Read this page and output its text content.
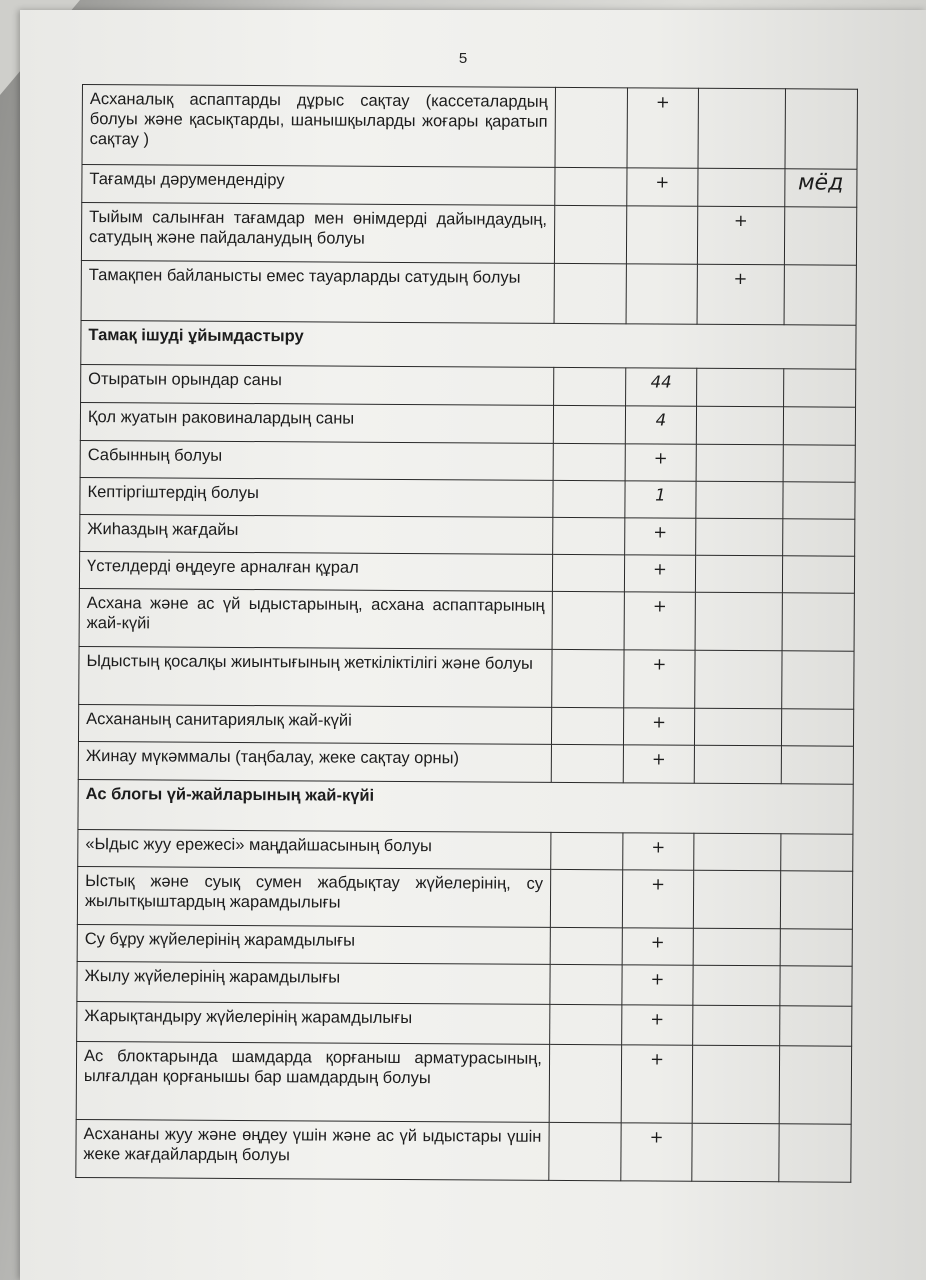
5
Асханалық аспаптарды дұрыс сақтау (кассеталардың болуы және қасықтарды, шанышқыларды жоғары қаратып сақтау )		+		
Тағамды дәрумендендіру		+		мёд
Тыйым салынған тағамдар мен өнімдерді дайындаудың, сатудың және пайдаланудың болуы			+	
Тамақпен байланысты емес тауарларды сатудың болуы			+	
Тамақ ішуді ұйымдастыру				
Отыратын орындар саны		44		
Қол жуатын раковиналардың саны		4		
Сабынның болуы		+		
Кептіргіштердің болуы		1		
Жиһаздың жағдайы		+		
Үстелдерді өңдеуге арналған құрал		+		
Асхана және ас үй ыдыстарының, асхана аспаптарының жай-күйі		+		
Ыдыстың қосалқы жиынтығының жеткіліктілігі және болуы		+		
Асхананың санитариялық жай-күйі		+		
Жинау мүкәммалы (таңбалау, жеке сақтау орны)		+		
Ас блогы үй-жайларының жай-күйі				
«Ыдыс жуу ережесі» маңдайшасының болуы		+		
Ыстық және суық сумен жабдықтау жүйелерінің, су жылытқыштардың жарамдылығы		+		
Су бұру жүйелерінің жарамдылығы		+		
Жылу жүйелерінің жарамдылығы		+		
Жарықтандыру жүйелерінің жарамдылығы		+		
Ас блоктарында шамдарда қорғаныш арматурасының, ылғалдан қорғанышы бар шамдардың болуы		+		
Асхананы жуу және өңдеу үшін және ас үй ыдыстары үшін жеке жағдайлардың болуы		+		
